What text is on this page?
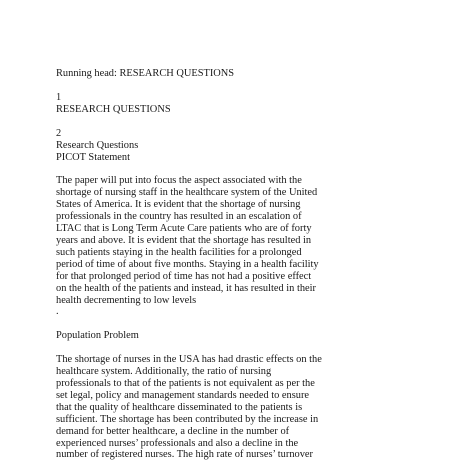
Running head: RESEARCH QUESTIONS

1

RESEARCH QUESTIONS

2

Research Questions

PICOT Statement

The paper will put into focus the aspect associated with the

shortage of nursing staff in the healthcare system of the United

States of America. It is evident that the shortage of nursing

professionals in the country has resulted in an escalation of

LTAC that is Long Term Acute Care patients who are of forty

years and above. It is evident that the shortage has resulted in

such patients staying in the health facilities for a prolonged

period of time of about five months. Staying in a health facility

for that prolonged period of time has not had a positive effect

on the health of the patients and instead, it has resulted in their

health decrementing to low levels

.

Population Problem

The shortage of nurses in the USA has had drastic effects on the

healthcare system. Additionally, the ratio of nursing

professionals to that of the patients is not equivalent as per the

set legal, policy and management standards needed to ensure

that the quality of healthcare disseminated to the patients is

sufficient. The shortage has been contributed by the increase in

demand for better healthcare, a decline in the number of

experienced nurses’ professionals and also a decline in the

number of registered nurses. The high rate of nurses’ turnover
